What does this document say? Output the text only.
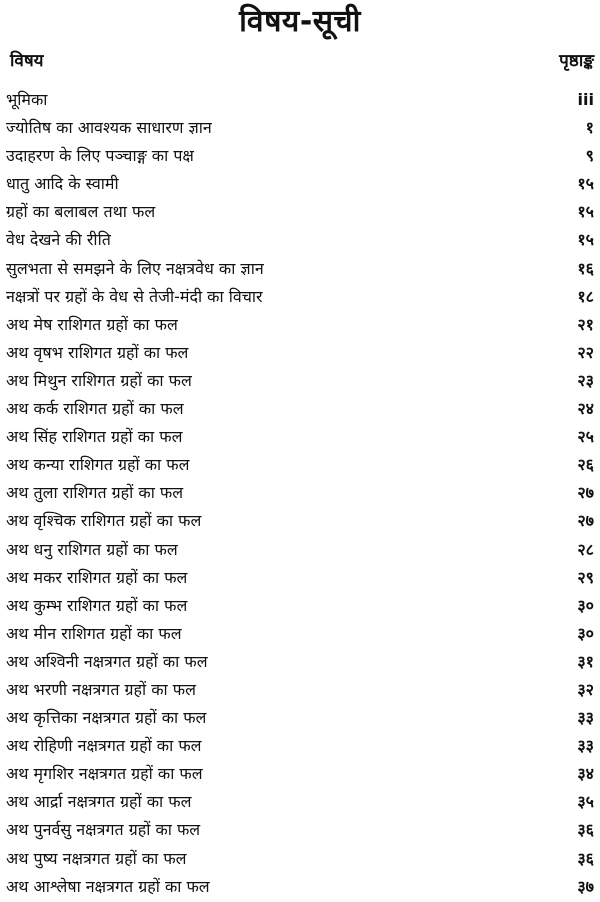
विषय-सूची
विषय	पृष्ठाङ्क
भूमिका	iii
ज्योतिष का आवश्यक साधारण ज्ञान	१
उदाहरण के लिए पञ्चाङ्ग का पक्ष	९
धातु आदि के स्वामी	१५
ग्रहों का बलाबल तथा फल	१५
वेध देखने की रीति	१५
सुलभता से समझने के लिए नक्षत्रवेध का ज्ञान	१६
नक्षत्रों पर ग्रहों के वेध से तेजी-मंदी का विचार	१८
अथ मेष राशिगत ग्रहों का फल	२१
अथ वृषभ राशिगत ग्रहों का फल	२२
अथ मिथुन राशिगत ग्रहों का फल	२३
अथ कर्क राशिगत ग्रहों का फल	२४
अथ सिंह राशिगत ग्रहों का फल	२५
अथ कन्या राशिगत ग्रहों का फल	२६
अथ तुला राशिगत ग्रहों का फल	२७
अथ वृश्चिक राशिगत ग्रहों का फल	२७
अथ धनु राशिगत ग्रहों का फल	२८
अथ मकर राशिगत ग्रहों का फल	२९
अथ कुम्भ राशिगत ग्रहों का फल	३०
अथ मीन राशिगत ग्रहों का फल	३०
अथ अश्विनी नक्षत्रगत ग्रहों का फल	३१
अथ भरणी नक्षत्रगत ग्रहों का फल	३२
अथ कृत्तिका नक्षत्रगत ग्रहों का फल	३३
अथ रोहिणी नक्षत्रगत ग्रहों का फल	३३
अथ मृगशिर नक्षत्रगत ग्रहों का फल	३४
अथ आर्द्रा नक्षत्रगत ग्रहों का फल	३५
अथ पुनर्वसु नक्षत्रगत ग्रहों का फल	३६
अथ पुष्य नक्षत्रगत ग्रहों का फल	३६
अथ आश्लेषा नक्षत्रगत ग्रहों का फल	३७
